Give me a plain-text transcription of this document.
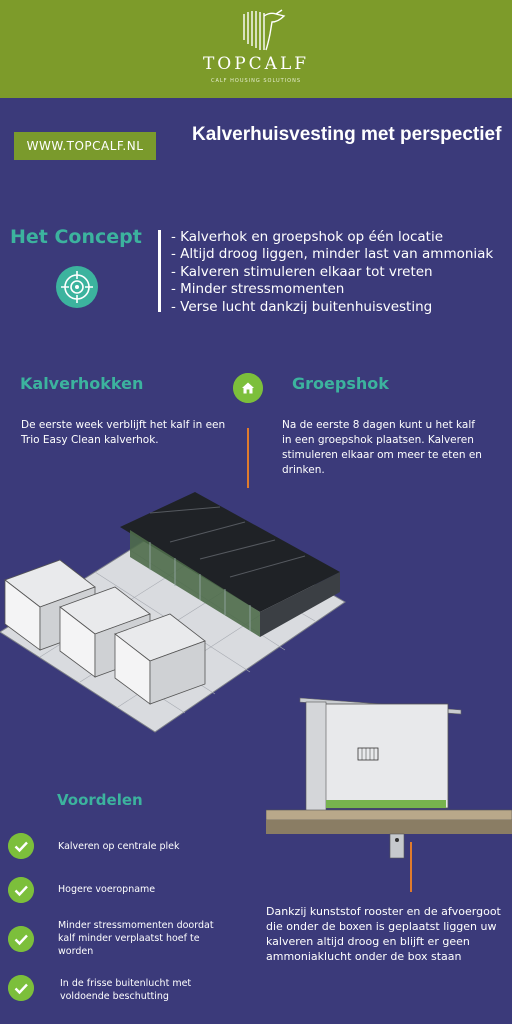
TOPCALF
CALF HOUSING SOLUTIONS
WWW.TOPCALF.NL
Kalverhuisvesting met perspectief
Het Concept - Kalverhok en groepshok op één locatie
- Altijd droog liggen, minder last van ammoniak
- Kalveren stimuleren elkaar tot vreten
- Minder stressmomenten
- Verse lucht dankzij buitenhuisvesting
Kalverhokken	Groepshok
De eerste week verblijft het kalf in een Trio Easy Clean kalverhok.
Na de eerste 8 dagen kunt u het kalf in een groepshok plaatsen. Kalveren stimuleren elkaar om meer te eten en drinken.
Voordelen
Kalveren op centrale plek
Hogere voeropname
Minder stressmomenten doordat kalf minder verplaatst hoef te worden
In de frisse buitenlucht met voldoende beschutting
Dankzij kunststof rooster en de afvoergoot die onder de boxen is geplaatst liggen uw kalveren altijd droog en blijft er geen ammoniaklucht onder de box staan
